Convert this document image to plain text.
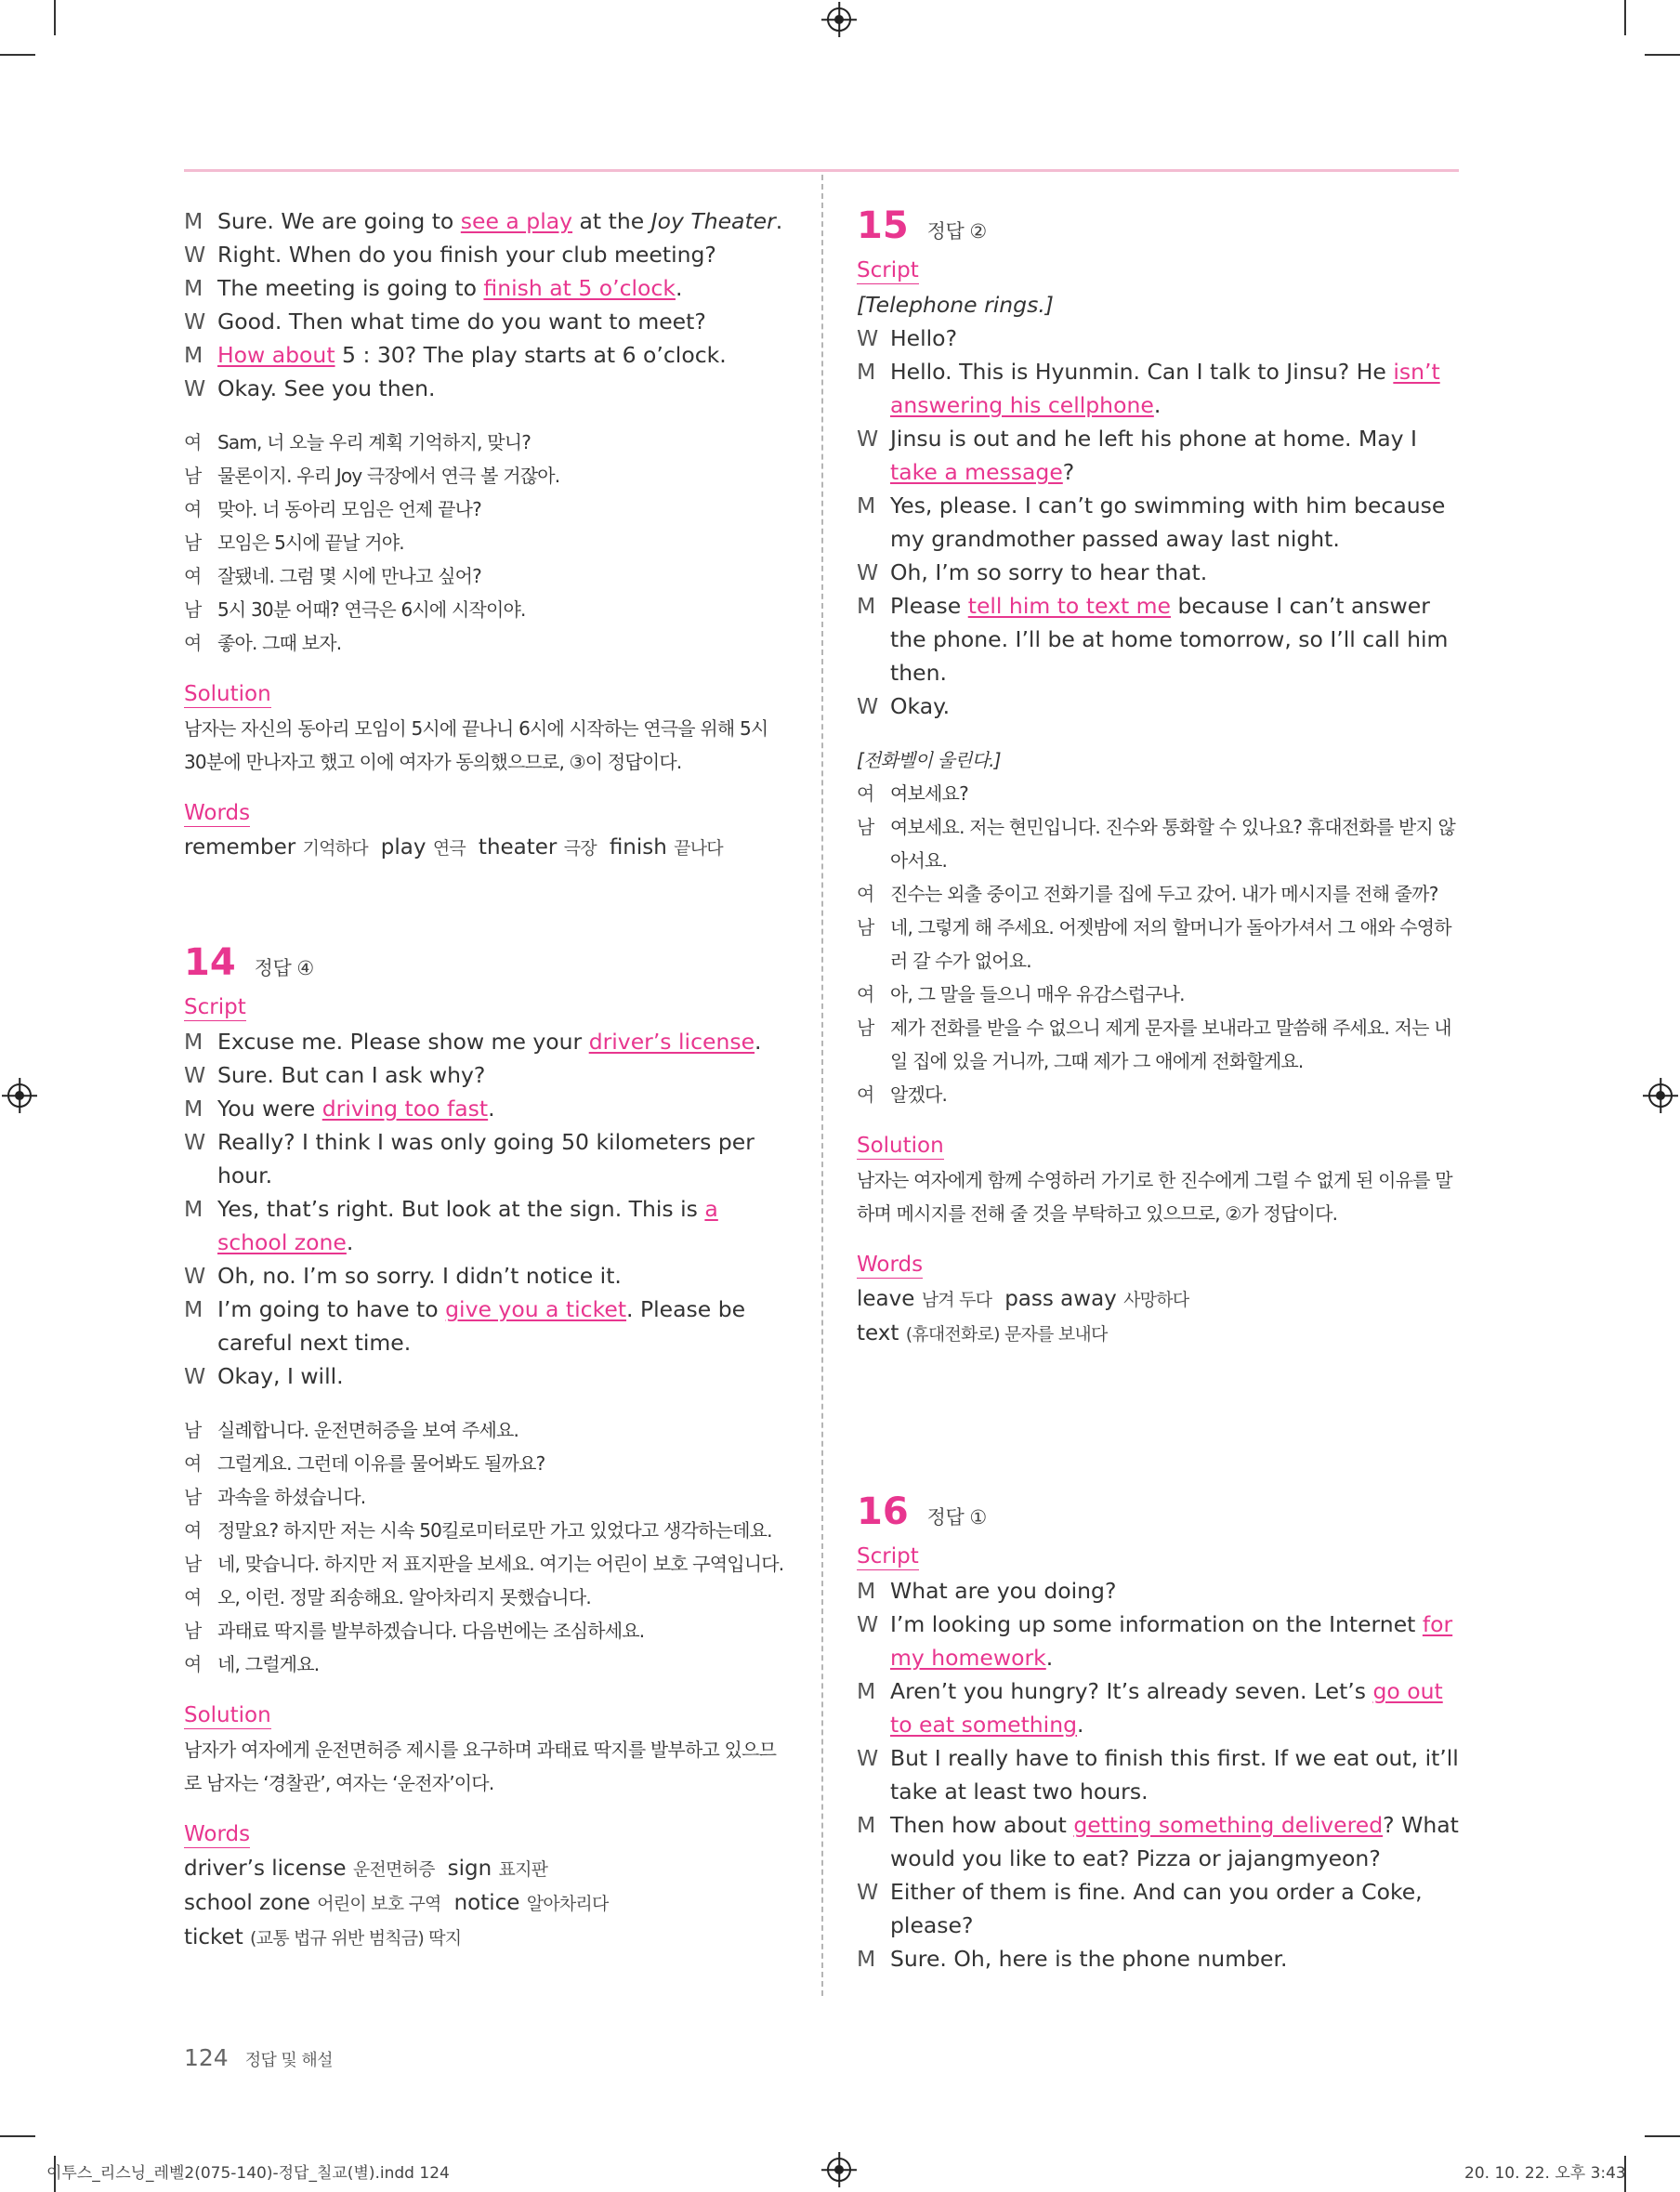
M Sure. We are going to see a play at the Joy Theater.
W Right. When do you finish your club meeting?
M The meeting is going to finish at 5 o’clock.
W Good. Then what time do you want to meet?
M How about 5 : 30? The play starts at 6 o’clock.
W Okay. See you then.
여 Sam, 너 오늘 우리 계획 기억하지, 맞니?
남 물론이지. 우리 Joy 극장에서 연극 볼 거잖아.
여 맞아. 너 동아리 모임은 언제 끝나?
남 모임은 5시에 끝날 거야.
여 잘됐네. 그럼 몇 시에 만나고 싶어?
남 5시 30분 어때? 연극은 6시에 시작이야.
여 좋아. 그때 보자.
Solution
남자는 자신의 동아리 모임이 5시에 끝나니 6시에 시작하는 연극을 위해 5시 30분에 만나자고 했고 이에 여자가 동의했으므로, ③이 정답이다.
Words
remember 기억하다 play 연극 theater 극장 finish 끝나다
14 정답 ④
Script
M Excuse me. Please show me your driver’s license.
W Sure. But can I ask why?
M You were driving too fast.
W Really? I think I was only going 50 kilometers per hour.
M Yes, that’s right. But look at the sign. This is a school zone.
W Oh, no. I’m so sorry. I didn’t notice it.
M I’m going to have to give you a ticket. Please be careful next time.
W Okay, I will.
남 실례합니다. 운전면허증을 보여 주세요.
여 그럴게요. 그런데 이유를 물어봐도 될까요?
남 과속을 하셨습니다.
여 정말요? 하지만 저는 시속 50킬로미터로만 가고 있었다고 생각하는데요.
남 네, 맞습니다. 하지만 저 표지판을 보세요. 여기는 어린이 보호 구역입니다.
여 오, 이런. 정말 죄송해요. 알아차리지 못했습니다.
남 과태료 딱지를 발부하겠습니다. 다음번에는 조심하세요.
여 네, 그럴게요.
Solution
남자가 여자에게 운전면허증 제시를 요구하며 과태료 딱지를 발부하고 있으므로 남자는 ‘경찰관’, 여자는 ‘운전자’이다.
Words
driver’s license 운전면허증 sign 표지판
school zone 어린이 보호 구역 notice 알아차리다
ticket (교통 법규 위반 범칙금) 딱지
15 정답 ②
Script
[Telephone rings.]
W Hello?
M Hello. This is Hyunmin. Can I talk to Jinsu? He isn’t answering his cellphone.
W Jinsu is out and he left his phone at home. May I take a message?
M Yes, please. I can’t go swimming with him because my grandmother passed away last night.
W Oh, I’m so sorry to hear that.
M Please tell him to text me because I can’t answer the phone. I’ll be at home tomorrow, so I’ll call him then.
W Okay.
[전화벨이 울린다.]
여 여보세요?
남 여보세요. 저는 현민입니다. 진수와 통화할 수 있나요? 휴대전화를 받지 않아서요.
여 진수는 외출 중이고 전화기를 집에 두고 갔어. 내가 메시지를 전해 줄까?
남 네, 그렇게 해 주세요. 어젯밤에 저의 할머니가 돌아가셔서 그 애와 수영하러 갈 수가 없어요.
여 아, 그 말을 들으니 매우 유감스럽구나.
남 제가 전화를 받을 수 없으니 제게 문자를 보내라고 말씀해 주세요. 저는 내일 집에 있을 거니까, 그때 제가 그 애에게 전화할게요.
여 알겠다.
Solution
남자는 여자에게 함께 수영하러 가기로 한 진수에게 그럴 수 없게 된 이유를 말하며 메시지를 전해 줄 것을 부탁하고 있으므로, ②가 정답이다.
Words
leave 남겨 두다 pass away 사망하다
text (휴대전화로) 문자를 보내다
16 정답 ①
Script
M What are you doing?
W I’m looking up some information on the Internet for my homework.
M Aren’t you hungry? It’s already seven. Let’s go out to eat something.
W But I really have to finish this first. If we eat out, it’ll take at least two hours.
M Then how about getting something delivered? What would you like to eat? Pizza or jajangmyeon?
W Either of them is fine. And can you order a Coke, please?
M Sure. Oh, here is the phone number.
124 정답 및 해설
이투스_리스닝_레벨2(075-140)-정답_칠교(별).indd 124	20. 10. 22. 오후 3:43
